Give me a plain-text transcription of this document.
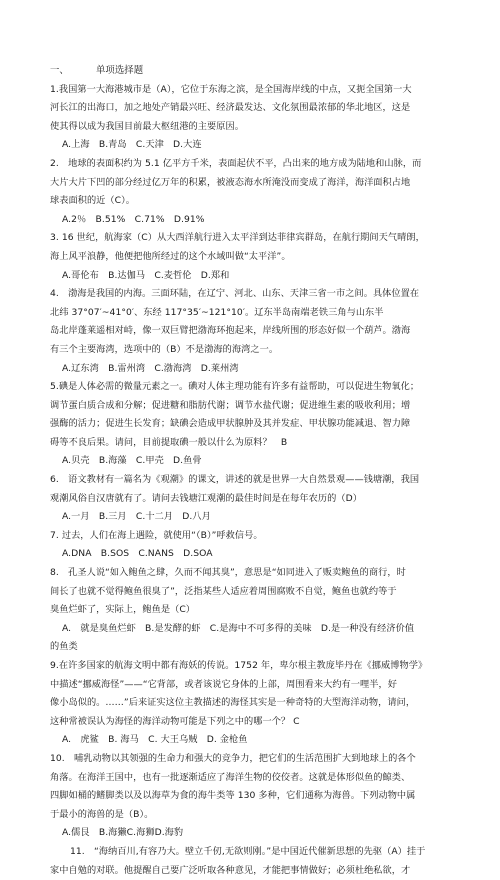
一、	单项选择题
1.我国第一大海港城市是（A），它位于东海之滨，是全国海岸线的中点，又扼全国第一大
河长江的出海口，加之地处产销最兴旺、经济最发达、文化氛围最浓郁的华北地区，这是
使其得以成为我国目前最大枢纽港的主要原因。
A.上海　B.青岛　C.天津　D.大连
2.　地球的表面积约为 5.1 亿平方千米，表面起伏不平，凸出来的地方成为陆地和山脉，而
大片大片下凹的部分经过亿万年的积累，被液态海水所淹没而变成了海洋，海洋面积占地
球表面积的近（C）。
A.2％　B.51%　C.71%　D.91%
3. 16 世纪，航海家（C）从大西洋航行进入太平洋到达菲律宾群岛，在航行期间天气晴朗，
海上风平浪静，他便把他所经过的这个水域叫做“太平洋”。
A.哥伦布　B.达伽马　C.麦哲伦　D.郑和
4.　渤海是我国的内海。三面环陆，在辽宁、河北、山东、天津三省一市之间。具体位置在
北纬 37°07′~41°0′、东经 117°35′~121°10′。辽东半岛南端老铁三角与山东半
岛北岸蓬莱遥相对峙，像一双巨臂把渤海环抱起来，岸线所围的形态好似一个葫芦。渤海
有三个主要海湾，选项中的（B）不是渤海的海湾之一。
A.辽东湾　B.雷州湾　C.渤海湾　D.莱州湾
5.碘是人体必需的微量元素之一。碘对人体主理功能有许多有益帮助，可以促进生物氧化；
调节蛋白质合成和分解；促进糖和脂肪代谢；调节水盐代谢；促进维生素的吸收利用；增
强酶的活力；促进生长发育；缺碘会造成甲状腺肿及其并发症、甲状腺功能减退、智力障
碍等不良后果。请问，目前提取碘一般以什么为原料？　B
A.贝壳　B.海藻　C.甲壳　D.鱼骨
6.　语文教材有一篇名为《观潮》的课文，讲述的就是世界一大自然景观——钱塘潮，我国
观潮风俗自汉唐就有了。请问去钱塘江观潮的最佳时间是在每年农历的（D）
A.一月　B.三月　C.十二月　D.八月
7. 过去，人们在海上遇险，就使用“（B）”呼救信号。
A.DNA　B.SOS　C.NANS　D.SOA
8.　孔圣人说“如入鲍鱼之肆，久而不闻其臭”，意思是“如同进入了贩卖鲍鱼的商行，时
间长了也就不觉得鲍鱼很臭了”，泛指某些人适应着周围腐败不自觉，鲍鱼也就约等于
臭鱼烂虾了，实际上，鲍鱼是（C）
A.　就是臭鱼烂虾　B.是发酵的虾　C.是海中不可多得的美味　D.是一种没有经济价值
的鱼类
9.在许多国家的航海文明中都有海妖的传说。1752 年，卑尔根主教庞毕丹在《挪威博物学》
中描述“挪威海怪”——“它背部，或者该说它身体的上部，周围看来大约有一哩半，好
像小岛似的。……”后来证实这位主教描述的海怪其实是一种奇特的大型海洋动物，请问，
这种常被误认为海怪的海洋动物可能是下列之中的哪一个？ C
A.　虎鲨　B. 海马　C. 大王乌贼　D. 金枪鱼
10.　哺乳动物以其领强的生命力和强大的竞争力，把它们的生活范围扩大到地球上的各个
角落。在海洋王国中，也有一批逐渐适应了海洋生物的佼佼者。这就是体形似鱼的鲸类、
四脚如桶的鳍脚类以及以海草为食的海牛类等 130 多种，它们通称为海兽。下列动物中属
于最小的海兽的是（B）。
A.儒艮　B.海獭C.海狮D.海豹
11.　“海纳百川,有容乃大。壁立千仞,无欲则刚。”是中国近代催新思想的先驱（A）挂于
家中自勉的对联。他提醒自己要广泛听取各种意见，才能把事情做好；必须杜绝私欲，才
